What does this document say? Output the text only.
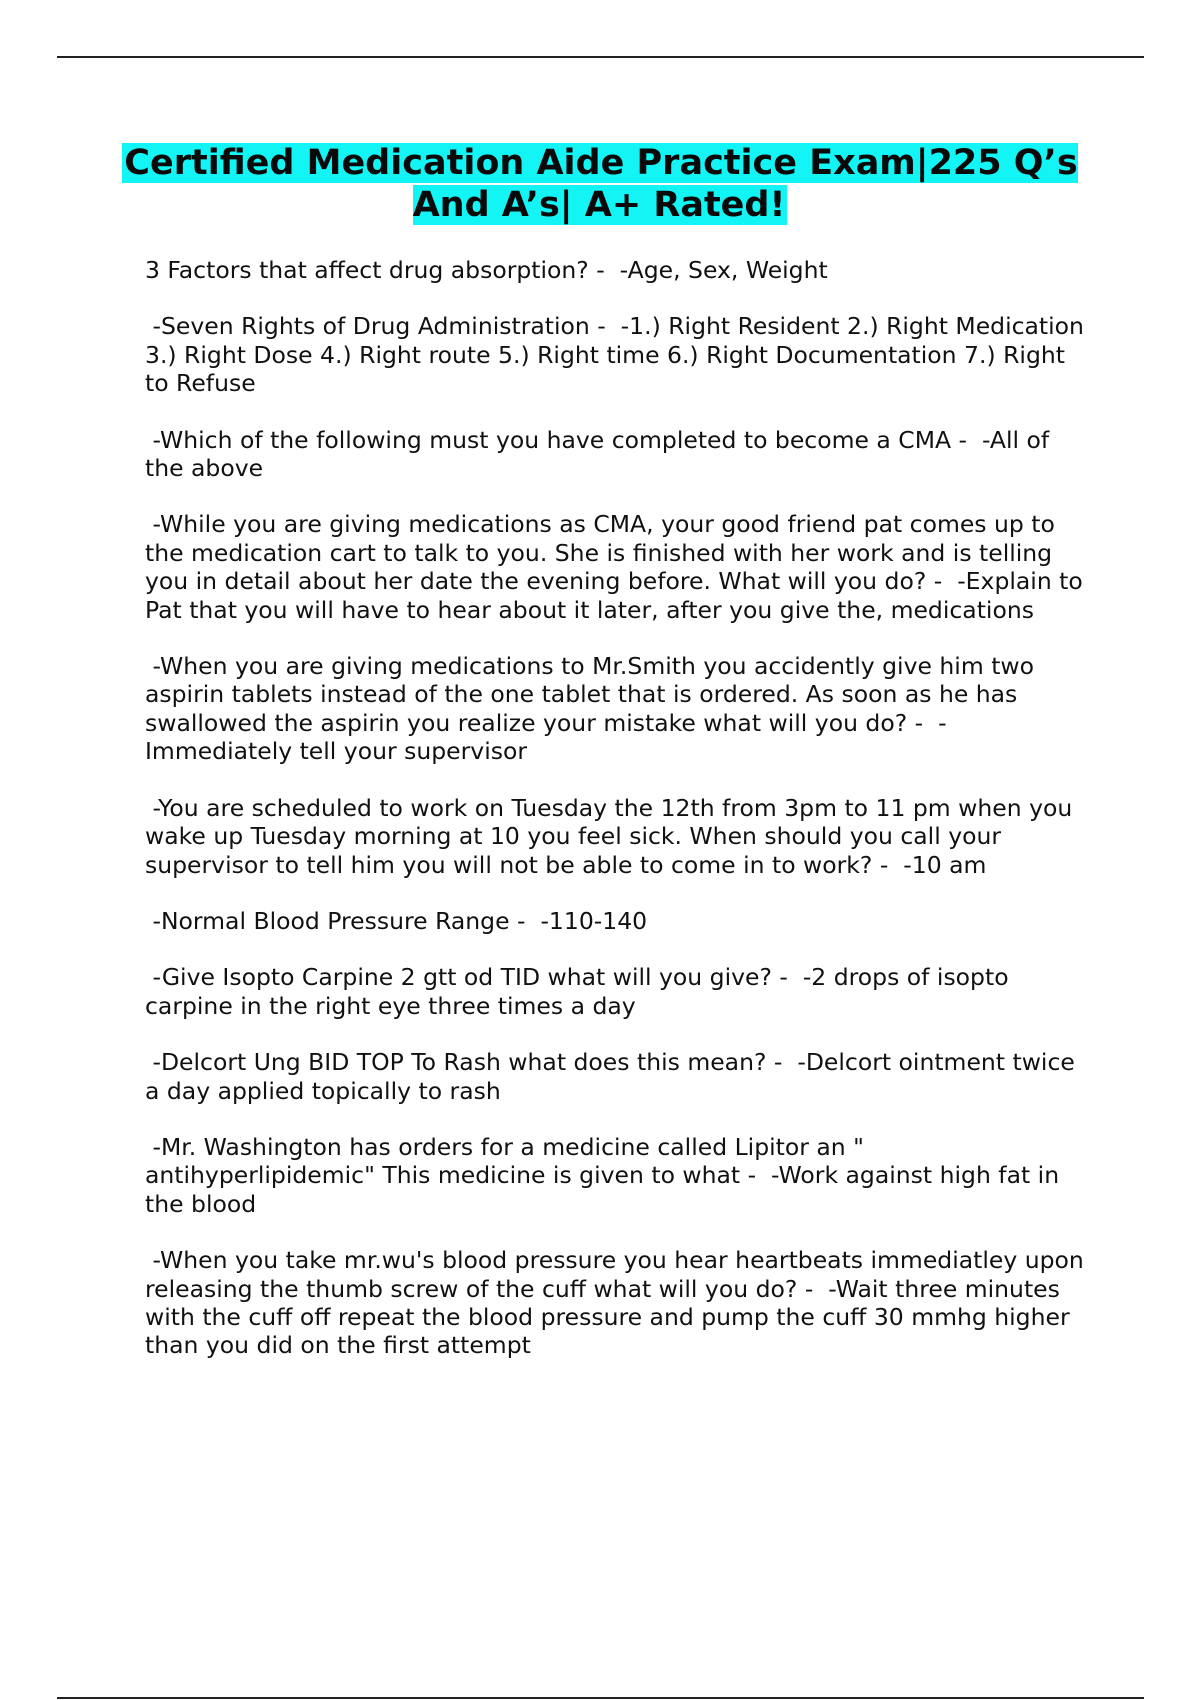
Certified Medication Aide Practice Exam|225 Q’s And A’s| A+ Rated!

3 Factors that affect drug absorption? -  -Age, Sex, Weight

-Seven Rights of Drug Administration -  -1.) Right Resident 2.) Right Medication 3.) Right Dose 4.) Right route 5.) Right time 6.) Right Documentation 7.) Right to Refuse

-Which of the following must you have completed to become a CMA -  -All of the above

-While you are giving medications as CMA, your good friend pat comes up to the medication cart to talk to you. She is finished with her work and is telling you in detail about her date the evening before. What will you do? -  -Explain to Pat that you will have to hear about it later, after you give the, medications

-When you are giving medications to Mr.Smith you accidently give him two aspirin tablets instead of the one tablet that is ordered. As soon as he has swallowed the aspirin you realize your mistake what will you do? -  -Immediately tell your supervisor

-You are scheduled to work on Tuesday the 12th from 3pm to 11 pm when you wake up Tuesday morning at 10 you feel sick. When should you call your supervisor to tell him you will not be able to come in to work? -  -10 am

-Normal Blood Pressure Range -  -110-140

-Give Isopto Carpine 2 gtt od TID what will you give? -  -2 drops of isopto carpine in the right eye three times a day

-Delcort Ung BID TOP To Rash what does this mean? -  -Delcort ointment twice a day applied topically to rash

-Mr. Washington has orders for a medicine called Lipitor an " antihyperlipidemic" This medicine is given to what -  -Work against high fat in the blood

-When you take mr.wu's blood pressure you hear heartbeats immediatley upon releasing the thumb screw of the cuff what will you do? -  -Wait three minutes with the cuff off repeat the blood pressure and pump the cuff 30 mmhg higher than you did on the first attempt
